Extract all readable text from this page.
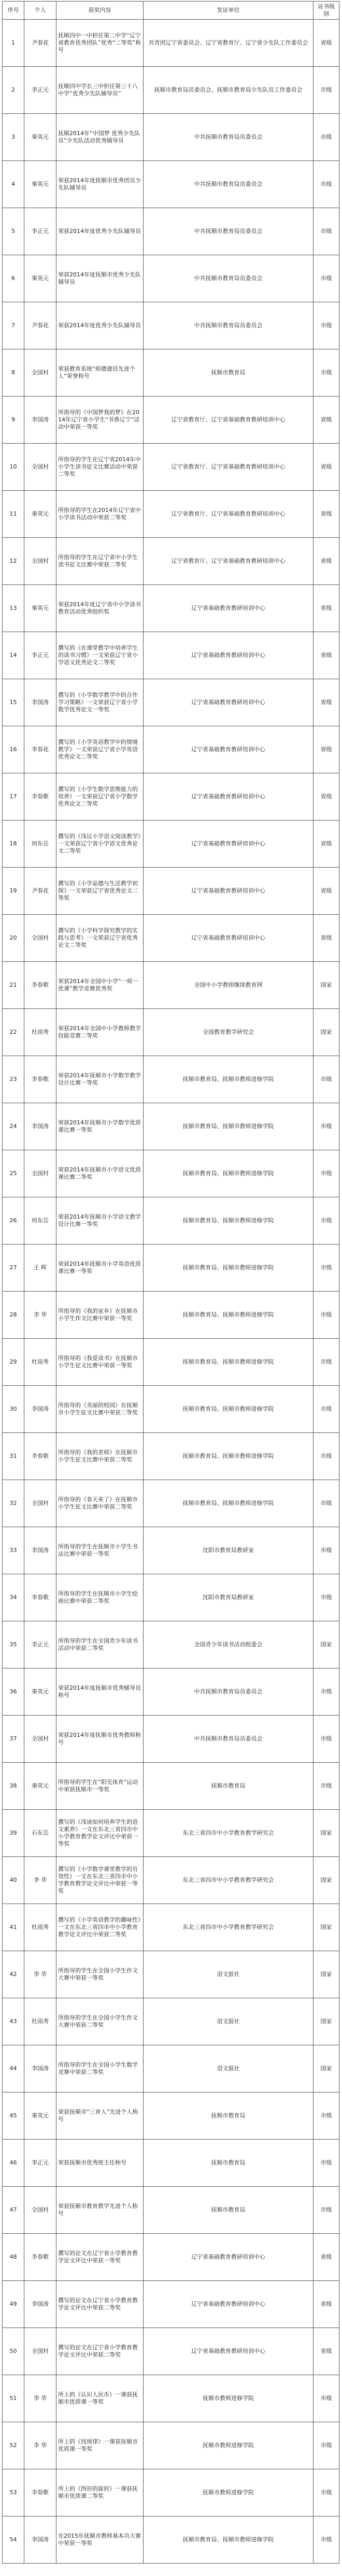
序号	个人	获奖内容	发证单位	证书级别
1	尹春花	抚顺四中一中担任第二中学“辽宁省教育优秀团队”优秀“二等奖”称号	共青团辽宁省委员会、辽宁省教育厅、辽宁省少先队工作委员会	省级
2	李正元	抚顺四中学长三中担任第三十八中学“优秀少先队辅导员”	抚顺市教育局员委员会、抚顺市教育局少先队员工作委员会	市级
3	秦英元	抚顺2014年“中国梦 优秀少先队员”少先队活动优秀辅导员	中共抚顺市教育局员委员会	市级
4	秦英元	荣获2014年度抚顺市优秀团员少先队辅导员	中共抚顺市教育局员委员会	市级
5	李正元	荣获2014年度优秀少先队辅导员	中共抚顺市教育局员委员会	市级
6	秦英元	荣获2014年度抚顺市优秀少先队辅导员	中共抚顺市教育局员委员会	市级
7	尹春花	荣获2014年度优秀少先队辅导员	中共抚顺市教育局员委员会	市级
8	全国村	荣获教育系统“师德建设先进个人”荣誉称号	抚顺市教育局	市级
9	李国涛	所指导的《中国梦我的梦》在2014年辽宁省小学生“书香辽宁”活动中荣获一等奖	辽宁省教育厅、辽宁省基础教育教研培训中心	省级
10	全国村	所指导的学生在辽宁省2014年中小学生读书征文比赛活动中荣获二等奖	辽宁省教育厅、辽宁省基础教育教研培训中心	省级
11	秦英元	所指导的学生在2014年辽宁省中小学读书活动中荣获二等奖	辽宁省教育厅、辽宁省基础教育教研培训中心	省级
12	全国村	所指导的学生在辽宁省中小学生读书征文比赛中荣获二等奖	辽宁省教育厅、辽宁省基础教育教研培训中心	省级
13	秦英元	荣获2014年度辽宁省中小学读书教育活动优秀组织奖	辽宁省基础教育教研培训中心	省级
14	李正元	撰写的《在课堂教学中培养学生的读书习惯》一文荣获辽宁省小学语文优秀论文二等奖	辽宁省基础教育教研培训中心	省级
15	李国涛	撰写的《小学数学教学中的合作学习策略》一文荣获辽宁省小学数学优秀论文一等奖	辽宁省基础教育教研培训中心	省级
16	李春花	撰写的《小学英语教学中的情境教学》一文荣获辽宁省小学英语优秀论文二等奖	辽宁省基础教育教研培训中心	省级
17	李春歌	撰写的《小学生数学思维能力的培养》一文荣获辽宁省小学数学优秀论文二等奖	辽宁省基础教育教研培训中心	省级
18	何东岳	撰写的《浅议小学语文阅读教学》一文荣获辽宁省小学语文优秀论文二等奖	辽宁省基础教育教研培训中心	省级
19	尹春花	撰写的《小学品德与生活教学初探》一文荣获辽宁省优秀论文二等奖	辽宁省基础教育教研培训中心	省级
20	全国村	撰写的《小学科学探究教学的实践与思考》一文荣获辽宁省优秀论文二等奖	辽宁省基础教育教研培训中心	省级
21	李春歌	荣获2014年全国中小学“一师一优课”教学竞赛优秀奖	全国中小学教师继续教育网	国家
22	杜雨秀	荣获2014年全国中小学教师教学技能竞赛二等奖	全国教育教学研究会	国家
23	李春歌	荣获2014年抚顺市小学数学教学设计比赛一等奖	抚顺市教育局、抚顺市教师进修学院	市级
24	李国涛	荣获2014年抚顺市小学数学优质课比赛一等奖	抚顺市教育局、抚顺市教师进修学院	市级
25	全国村	荣获2014年抚顺市小学语文优质课比赛二等奖	抚顺市教育局、抚顺市教师进修学院	市级
26	何东岳	荣获2014年抚顺市小学语文教学设计比赛一等奖	抚顺市教育局、抚顺市教师进修学院	市级
27	王 晖	荣获2014年抚顺市小学英语优质课比赛一等奖	抚顺市教育局、抚顺市教师进修学院	市级
28	李 华	所指导的《我的家乡》在抚顺市小学生作文比赛中荣获一等奖	抚顺市教育局、抚顺市教师进修学院	市级
29	杜雨秀	所指导的《我爱读书》在抚顺市小学生征文比赛中荣获一等奖	抚顺市教育局、抚顺市教师进修学院	市级
30	李国涛	所指导的《美丽的校园》在抚顺市小学生征文比赛中荣获二等奖	抚顺市教育局、抚顺市教师进修学院	市级
31	李春歌	所指导的《我的老师》在抚顺市小学生征文比赛中荣获二等奖	抚顺市教育局、抚顺市教师进修学院	市级
32	全国村	所指导的《春天来了》在抚顺市小学生征文比赛中荣获二等奖	抚顺市教育局、抚顺市教师进修学院	市级
33	李国涛	所指导的学生在抚顺市小学生书法比赛中荣获一等奖	沈阳市教育局教研室	市级
34	李春歌	所指导的学生在抚顺市小学生绘画比赛中荣获二等奖	沈阳市教育局教研室	市级
35	李正元	所指导的学生在全国青少年读书活动中荣获二等奖	全国青少年读书活动组委会	国家
36	秦英元	荣获2014年度抚顺市优秀辅导员称号	中共抚顺市教育局员委员会	市级
37	全国村	荣获2014年度抚顺市优秀教师称号	中共抚顺市教育局员委员会	市级
38	秦英元	所指导的学生在“阳光体育”运动中荣获抚顺市一等奖	抚顺市教育局	市级
39	石东岳	撰写的《浅谈如何培养学生的语文素养》一文在东北三省四市中小学教育教学论文评比中荣获一等奖	东北三省四市中小学教育教学研究会	国家
40	李 华	撰写的《小学数学课堂教学的有效性》一文在东北三省四市中小学教育教学论文评比中荣获一等奖	东北三省四市中小学教育教学研究会	国家
41	杜雨秀	撰写的《小学英语教学的趣味性》一文在东北三省四市中小学教育教学论文评比中荣获二等奖	东北三省四市中小学教育教学研究会	国家
42	李 华	所指导的学生在全国小学生作文大赛中荣获一等奖	语文报社	国家
43	杜雨秀	所指导的学生在全国小学生作文大赛中荣获二等奖	语文报社	国家
44	李国涛	所指导的学生在全国小学生数学竞赛中荣获二等奖	语文报社	国家
45	秦英元	荣获抚顺市“三育人”先进个人称号	抚顺市教育局	市级
46	李正元	荣获抚顺市优秀班主任称号	抚顺市教育局	市级
47	全国村	荣获抚顺市教育教学先进个人称号	抚顺市教育局	市级
48	李春歌	撰写的论文在辽宁省小学教育教学论文评比中荣获一等奖	辽宁省基础教育教研培训中心	省级
49	李国涛	撰写的论文在辽宁省小学教育教学论文评比中荣获二等奖	辽宁省基础教育教研培训中心	省级
50	全国村	撰写的论文在辽宁省小学教育教学论文评比中荣获二等奖	辽宁省基础教育教研培训中心	省级
51	李 华	所上的《认识人民币》一课获抚顺市优质课一等奖	抚顺市教师进修学院	市级
52	李 华	所上的《找规律》一课获抚顺市优质课一等奖	抚顺市教师进修学院	市级
53	李春歌	所上的《图形的旋转》一课获抚顺市优质课二等奖	抚顺市教师进修学院	市级
54	李国涛	在2015年抚顺市教师基本功大赛中荣获一等奖	抚顺市教育局、抚顺市教师进修学院	市级
